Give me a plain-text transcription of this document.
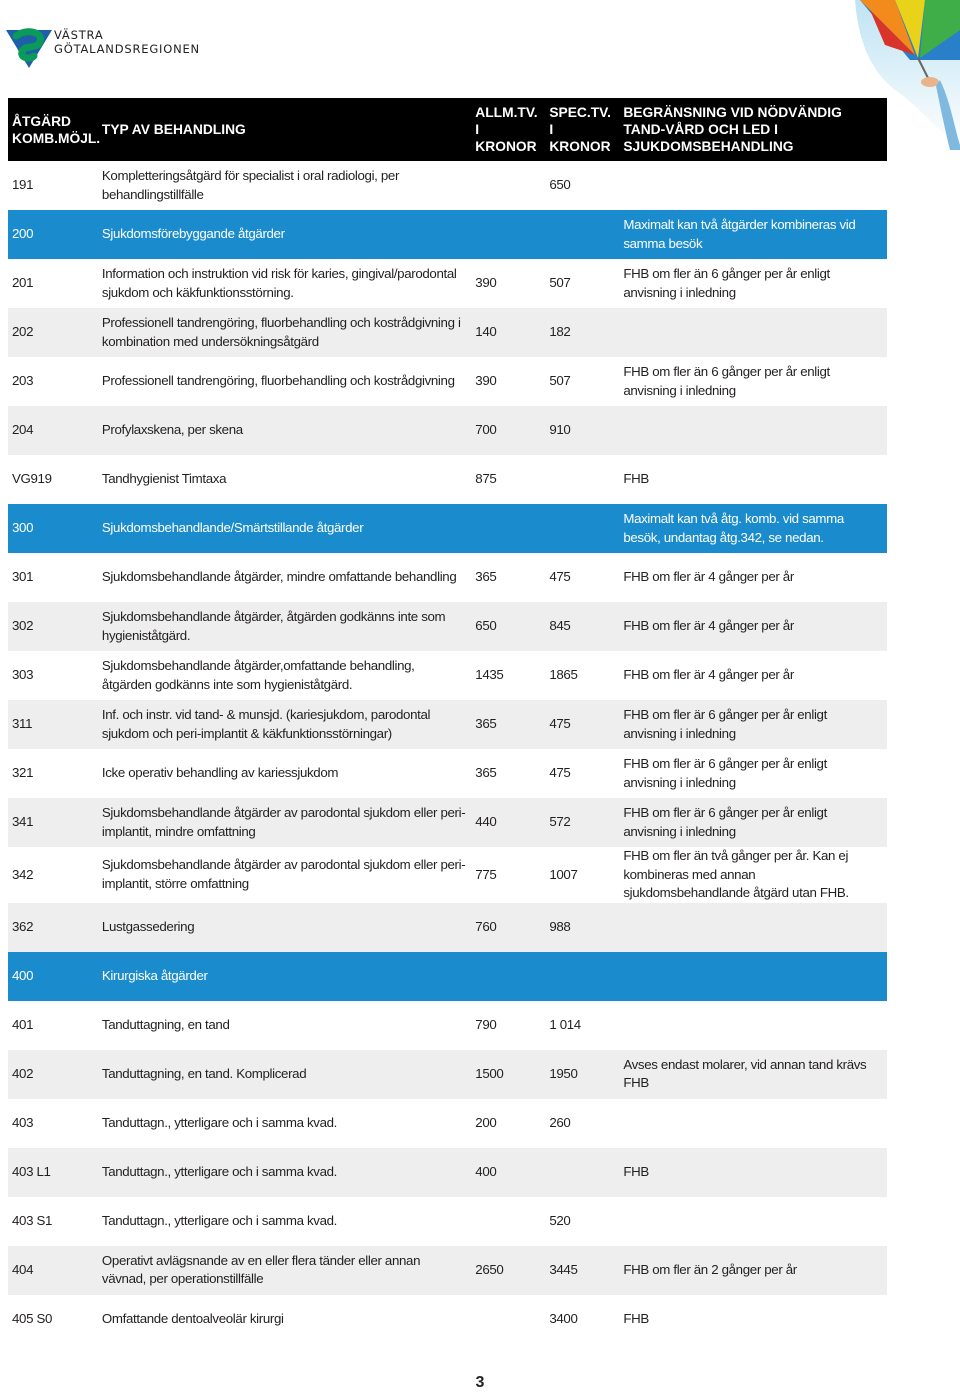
VÄSTRA
GÖTALANDSREGIONEN
ÅTGÄRD KOMB.MÖJL.	TYP AV BEHANDLING	ALLM.TV. I KRONOR	SPEC.TV. I KRONOR	BEGRÄNSNING VID NÖDVÄNDIG TAND-VÅRD OCH LED I SJUKDOMSBEHANDLING
191	Kompletteringsåtgärd för specialist i oral radiologi, per behandlingstillfälle		650	
200	Sjukdomsförebyggande åtgärder			Maximalt kan två åtgärder kombineras vid samma besök
201	Information och instruktion vid risk för karies, gingival/parodontal sjukdom och käkfunktionsstörning.	390	507	FHB om fler än 6 gånger per år enligt anvisning i inledning
202	Professionell tandrengöring, fluorbehandling och kostrådgivning i kombination med undersökningsåtgärd	140	182	
203	Professionell tandrengöring, fluorbehandling och kostrådgivning	390	507	FHB om fler än 6 gånger per år enligt anvisning i inledning
204	Profylaxskena, per skena	700	910	
VG919	Tandhygienist Timtaxa	875		FHB
300	Sjukdomsbehandlande/Smärtstillande åtgärder			Maximalt kan två åtg. komb. vid samma besök, undantag åtg.342, se nedan.
301	Sjukdomsbehandlande åtgärder, mindre omfattande behandling	365	475	FHB om fler är 4 gånger per år
302	Sjukdomsbehandlande åtgärder, åtgärden godkänns inte som hygieniståtgärd.	650	845	FHB om fler är 4 gånger per år
303	Sjukdomsbehandlande åtgärder,omfattande behandling, åtgärden godkänns inte som hygieniståtgärd.	1435	1865	FHB om fler är 4 gånger per år
311	Inf. och instr. vid tand- & munsjd. (kariesjukdom, parodontal sjukdom och peri-implantit & käkfunktionsstörningar)	365	475	FHB om fler är 6 gånger per år enligt anvisning i inledning
321	Icke operativ behandling av kariessjukdom	365	475	FHB om fler är 6 gånger per år enligt anvisning i inledning
341	Sjukdomsbehandlande åtgärder av parodontal sjukdom eller peri-implantit, mindre omfattning	440	572	FHB om fler är 6 gånger per år enligt anvisning i inledning
342	Sjukdomsbehandlande åtgärder av parodontal sjukdom eller peri-implantit, större omfattning	775	1007	FHB om fler än två gånger per år. Kan ej kombineras med annan sjukdomsbehandlande åtgärd utan FHB.
362	Lustgassedering	760	988	
400	Kirurgiska åtgärder			
401	Tanduttagning, en tand	790	1 014	
402	Tanduttagning, en tand. Komplicerad	1500	1950	Avses endast molarer, vid annan tand krävs FHB
403	Tanduttagn., ytterligare och i samma kvad.	200	260	
403 L1	Tanduttagn., ytterligare och i samma kvad.	400		FHB
403 S1	Tanduttagn., ytterligare och i samma kvad.		520	
404	Operativt avlägsnande av en eller flera tänder eller annan vävnad, per operationstillfälle	2650	3445	FHB om fler än 2 gånger per år
405 S0	Omfattande dentoalveolär kirurgi		3400	FHB
3
